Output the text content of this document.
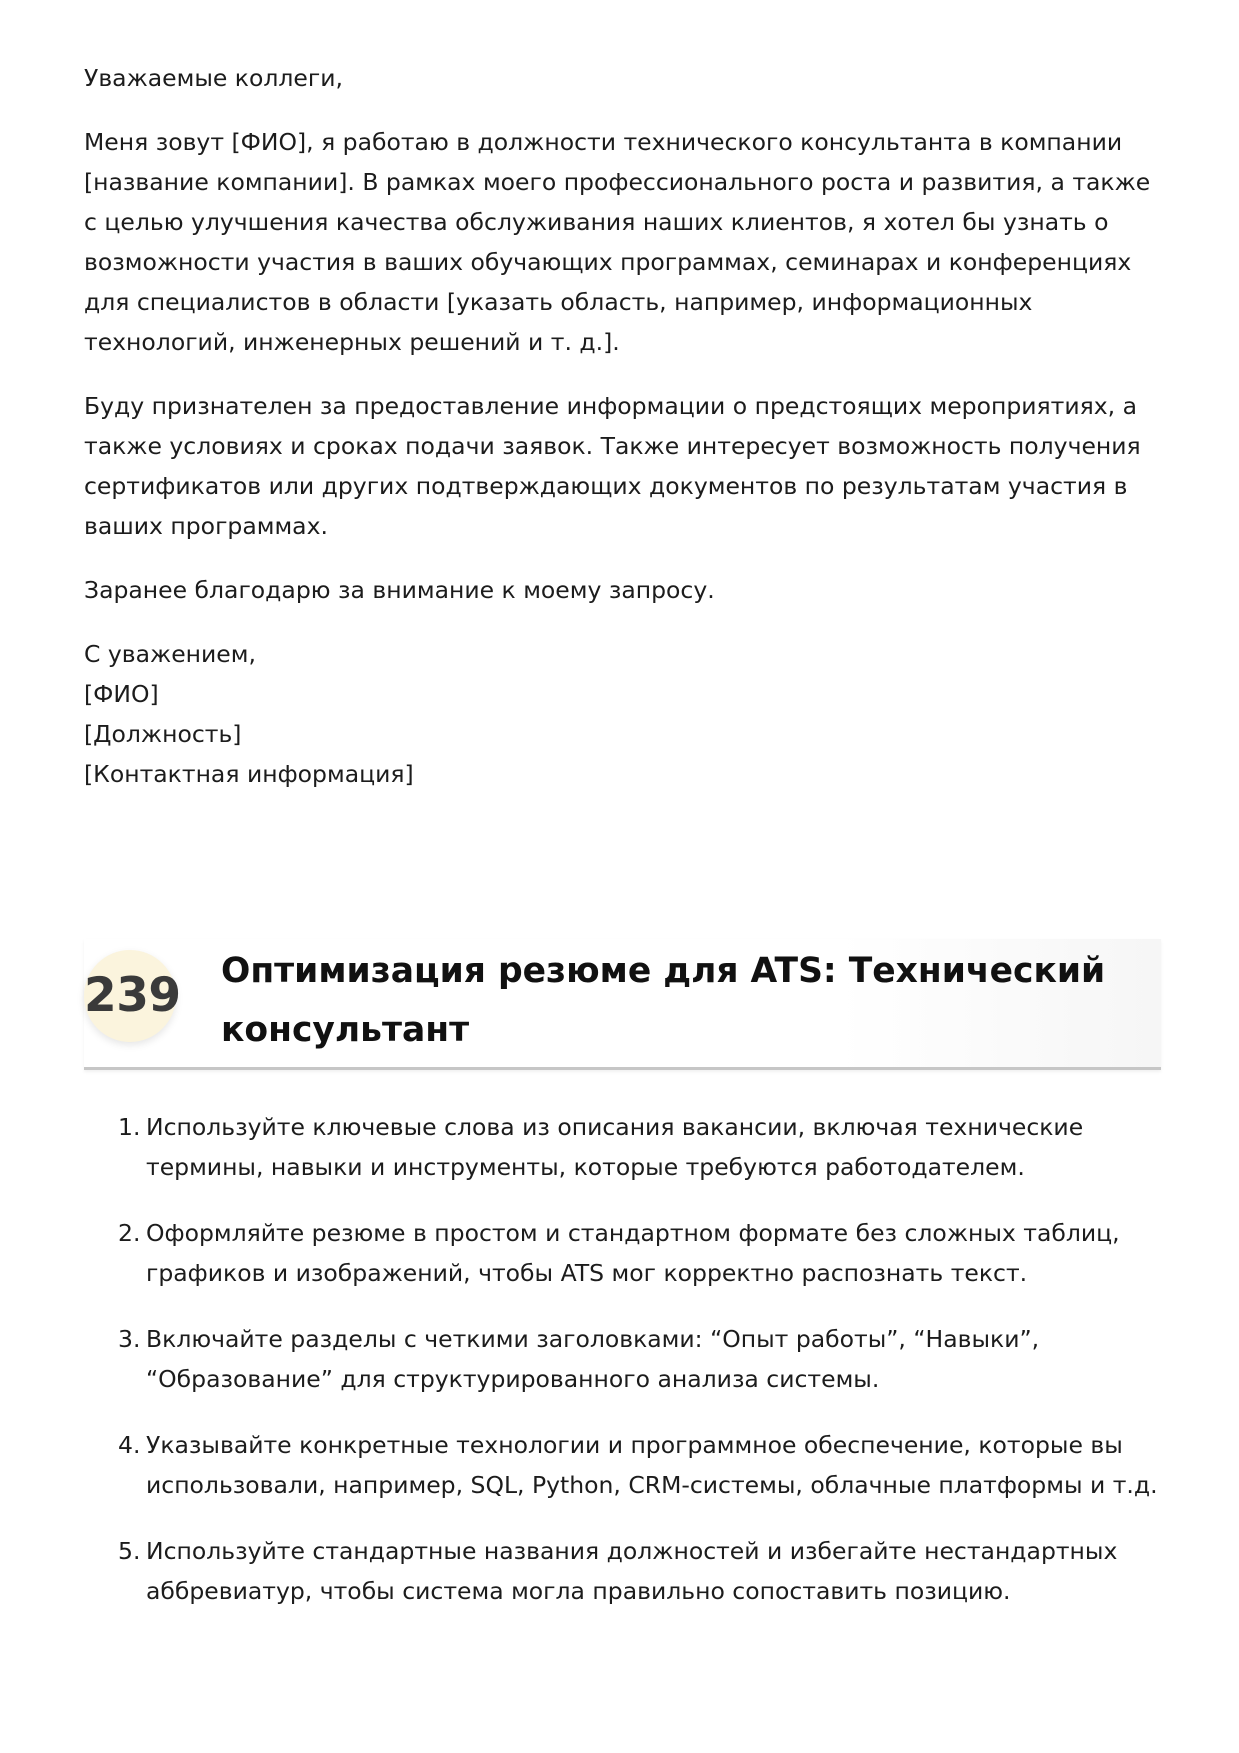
Уважаемые коллеги,

Меня зовут [ФИО], я работаю в должности технического консультанта в компании [название компании]. В рамках моего профессионального роста и развития, а также с целью улучшения качества обслуживания наших клиентов, я хотел бы узнать о возможности участия в ваших обучающих программах, семинарах и конференциях для специалистов в области [указать область, например, информационных технологий, инженерных решений и т. д.].

Буду признателен за предоставление информации о предстоящих мероприятиях, а также условиях и сроках подачи заявок. Также интересует возможность получения сертификатов или других подтверждающих документов по результатам участия в ваших программах.

Заранее благодарю за внимание к моему запросу.

С уважением,
[ФИО]
[Должность]
[Контактная информация]
239 Оптимизация резюме для ATS: Технический консультант
1. Используйте ключевые слова из описания вакансии, включая технические термины, навыки и инструменты, которые требуются работодателем.
2. Оформляйте резюме в простом и стандартном формате без сложных таблиц, графиков и изображений, чтобы ATS мог корректно распознать текст.
3. Включайте разделы с четкими заголовками: “Опыт работы”, “Навыки”, “Образование” для структурированного анализа системы.
4. Указывайте конкретные технологии и программное обеспечение, которые вы использовали, например, SQL, Python, CRM-системы, облачные платформы и т.д.
5. Используйте стандартные названия должностей и избегайте нестандартных аббревиатур, чтобы система могла правильно сопоставить позицию.
